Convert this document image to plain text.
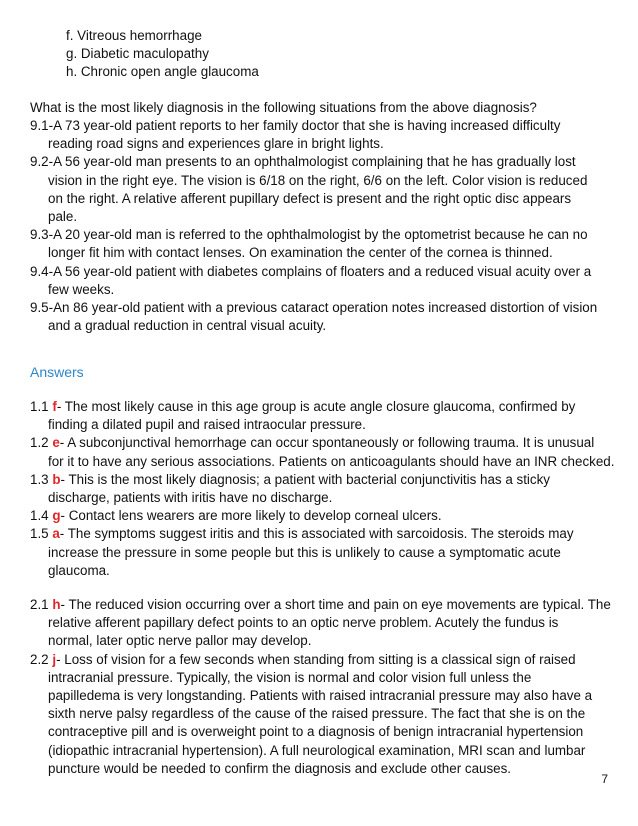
f. Vitreous hemorrhage
g. Diabetic maculopathy
h. Chronic open angle glaucoma
What is the most likely diagnosis in the following situations from the above diagnosis?
9.1-A 73 year-old patient reports to her family doctor that she is having increased difficulty
reading road signs and experiences glare in bright lights.
9.2-A 56 year-old man presents to an ophthalmologist complaining that he has gradually lost
vision in the right eye. The vision is 6/18 on the right, 6/6 on the left. Color vision is reduced
on the right. A relative afferent pupillary defect is present and the right optic disc appears
pale.
9.3-A 20 year-old man is referred to the ophthalmologist by the optometrist because he can no
longer fit him with contact lenses. On examination the center of the cornea is thinned.
9.4-A 56 year-old patient with diabetes complains of floaters and a reduced visual acuity over a
few weeks.
9.5-An 86 year-old patient with a previous cataract operation notes increased distortion of vision
and a gradual reduction in central visual acuity.
Answers
1.1 f- The most likely cause in this age group is acute angle closure glaucoma, confirmed by
finding a dilated pupil and raised intraocular pressure.
1.2 e- A subconjunctival hemorrhage can occur spontaneously or following trauma. It is unusual
for it to have any serious associations. Patients on anticoagulants should have an INR checked.
1.3 b- This is the most likely diagnosis; a patient with bacterial conjunctivitis has a sticky
discharge, patients with iritis have no discharge.
1.4 g- Contact lens wearers are more likely to develop corneal ulcers.
1.5 a- The symptoms suggest iritis and this is associated with sarcoidosis. The steroids may
increase the pressure in some people but this is unlikely to cause a symptomatic acute
glaucoma.
2.1 h- The reduced vision occurring over a short time and pain on eye movements are typical. The
relative afferent papillary defect points to an optic nerve problem. Acutely the fundus is
normal, later optic nerve pallor may develop.
2.2 j- Loss of vision for a few seconds when standing from sitting is a classical sign of raised
intracranial pressure. Typically, the vision is normal and color vision full unless the
papilledema is very longstanding. Patients with raised intracranial pressure may also have a
sixth nerve palsy regardless of the cause of the raised pressure. The fact that she is on the
contraceptive pill and is overweight point to a diagnosis of benign intracranial hypertension
(idiopathic intracranial hypertension). A full neurological examination, MRI scan and lumbar
puncture would be needed to confirm the diagnosis and exclude other causes.
7
